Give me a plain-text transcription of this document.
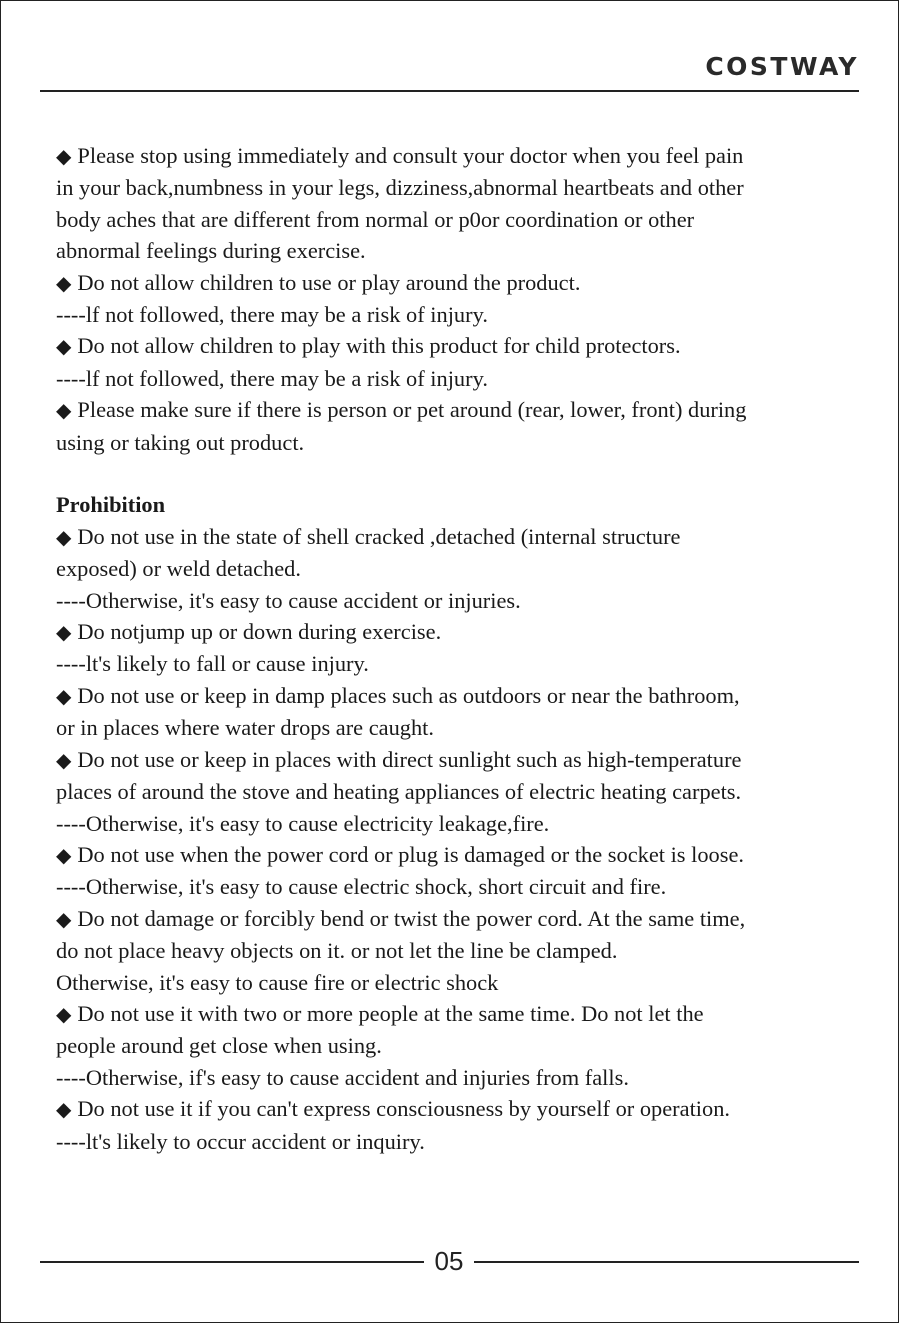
COSTWAY

◆ Please stop using immediately and consult your doctor when you feel pain

in your back,numbness in your legs, dizziness,abnormal heartbeats and other

body aches that are different from normal or p0or coordination or other

abnormal feelings during exercise.

◆ Do not allow children to use or play around the product.

----lf not followed, there may be a risk of injury.

◆ Do not allow children to play with this product for child protectors.

----lf not followed, there may be a risk of injury.

◆ Please make sure if there is person or pet around (rear, lower, front) during

using or taking out product.

Prohibition

◆ Do not use in the state of shell cracked ,detached (internal structure

exposed) or weld detached.

----Otherwise, it's easy to cause accident or injuries.

◆ Do notjump up or down during exercise.

----lt's likely to fall or cause injury.

◆ Do not use or keep in damp places such as outdoors or near the bathroom,

or in places where water drops are caught.

◆ Do not use or keep in places with direct sunlight such as high-temperature

places of around the stove and heating appliances of electric heating carpets.

----Otherwise, it's easy to cause electricity leakage,fire.

◆ Do not use when the power cord or plug is damaged or the socket is loose.

----Otherwise, it's easy to cause electric shock, short circuit and fire.

◆ Do not damage or forcibly bend or twist the power cord. At the same time,

do not place heavy objects on it. or not let the line be clamped.

Otherwise, it's easy to cause fire or electric shock

◆ Do not use it with two or more people at the same time. Do not let the

people around get close when using.

----Otherwise, if's easy to cause accident and injuries from falls.

◆ Do not use it if you can't express consciousness by yourself or operation.

----lt's likely to occur accident or inquiry.

05
